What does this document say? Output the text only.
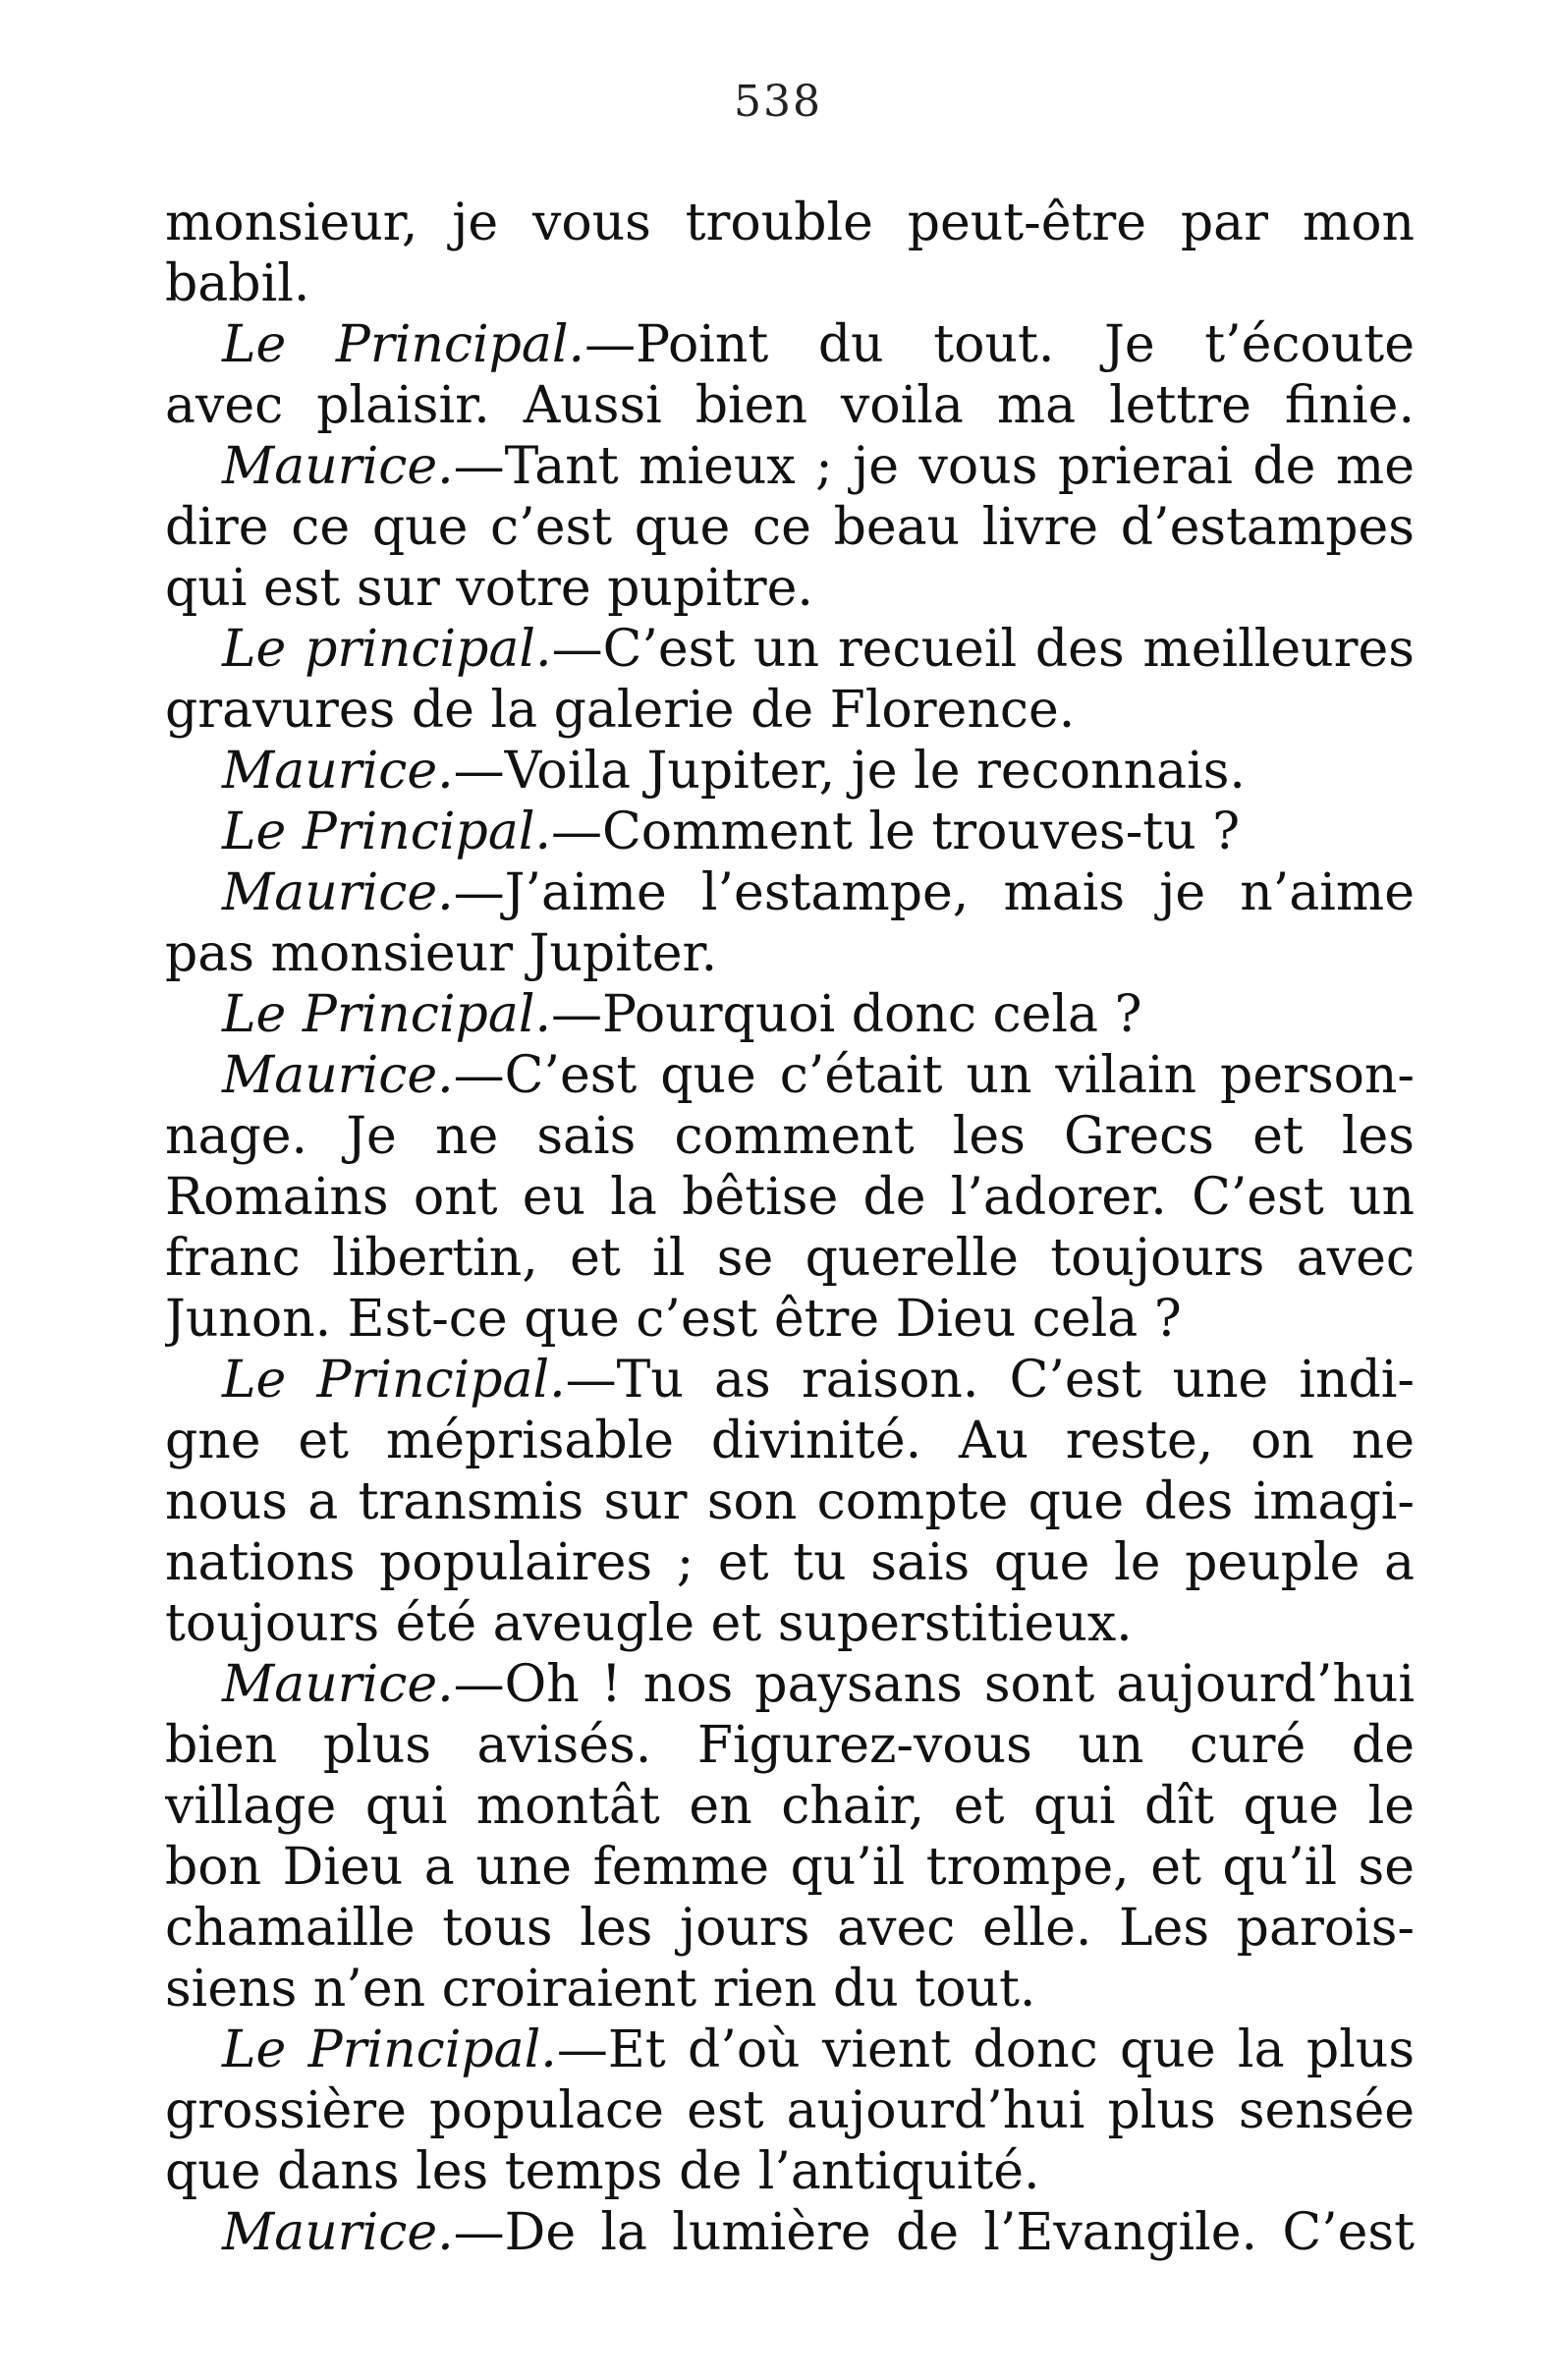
538
monsieur, je vous trouble peut-être par mon
babil.
Le Principal.—Point du tout. Je t’écoute
avec plaisir. Aussi bien voila ma lettre finie.
Maurice.—Tant mieux ; je vous prierai de me
dire ce que c’est que ce beau livre d’estampes
qui est sur votre pupitre.
Le principal.—C’est un recueil des meilleures
gravures de la galerie de Florence.
Maurice.—Voila Jupiter, je le reconnais.
Le Principal.—Comment le trouves-tu ?
Maurice.—J’aime l’estampe, mais je n’aime
pas monsieur Jupiter.
Le Principal.—Pourquoi donc cela ?
Maurice.—C’est que c’était un vilain person-
nage. Je ne sais comment les Grecs et les
Romains ont eu la bêtise de l’adorer. C’est un
franc libertin, et il se querelle toujours avec
Junon. Est-ce que c’est être Dieu cela ?
Le Principal.—Tu as raison. C’est une indi-
gne et méprisable divinité. Au reste, on ne
nous a transmis sur son compte que des imagi-
nations populaires ; et tu sais que le peuple a
toujours été aveugle et superstitieux.
Maurice.—Oh ! nos paysans sont aujourd’hui
bien plus avisés. Figurez-vous un curé de
village qui montât en chair, et qui dît que le
bon Dieu a une femme qu’il trompe, et qu’il se
chamaille tous les jours avec elle. Les parois-
siens n’en croiraient rien du tout.
Le Principal.—Et d’où vient donc que la plus
grossière populace est aujourd’hui plus sensée
que dans les temps de l’antiquité.
Maurice.—De la lumière de l’Evangile. C’est
